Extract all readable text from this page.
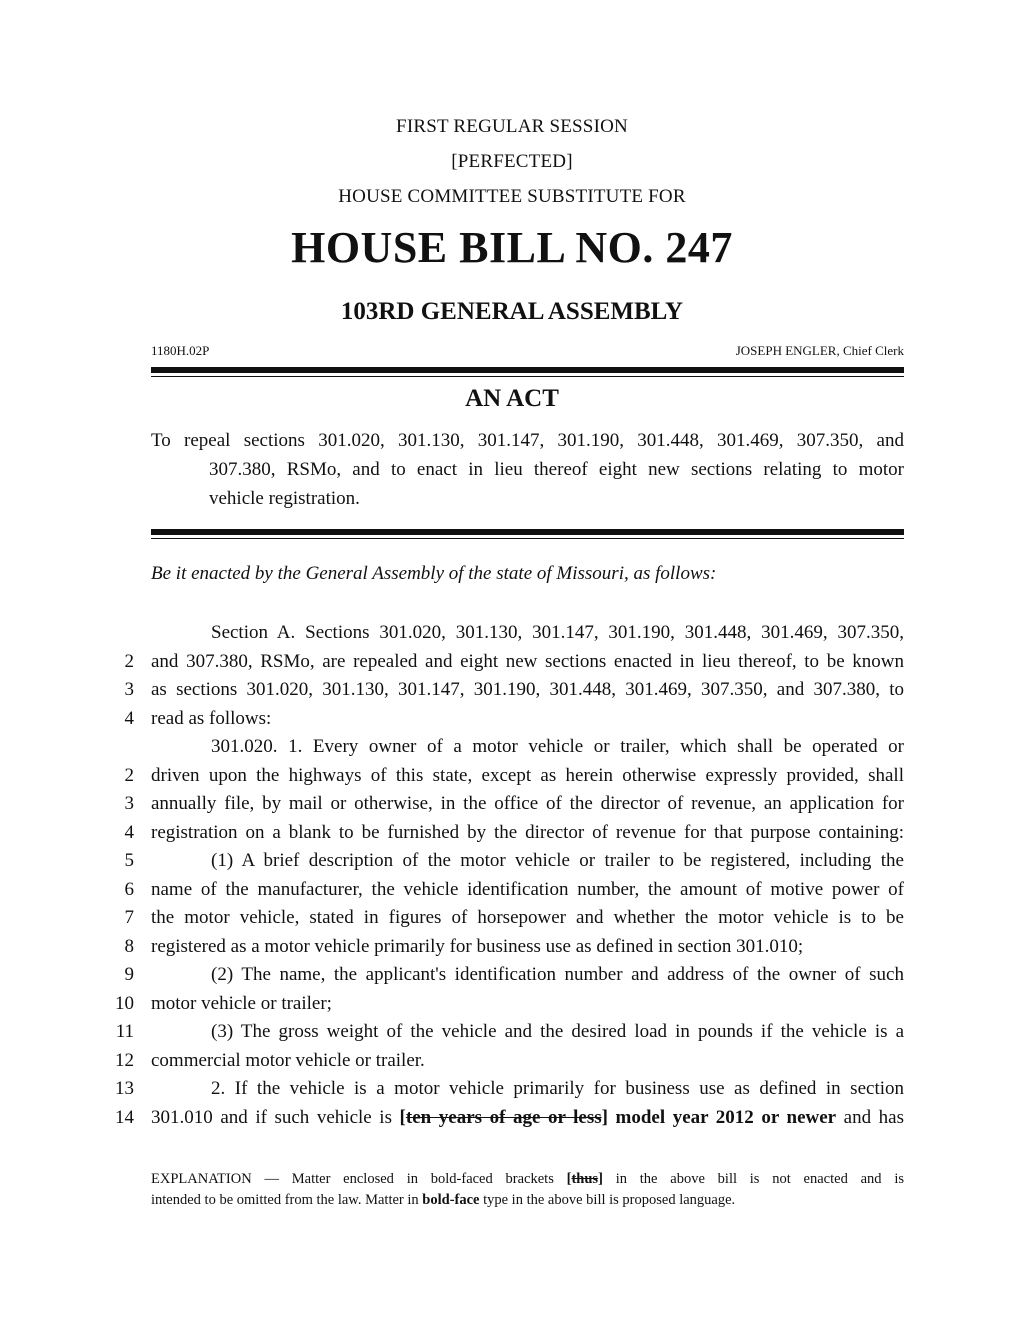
FIRST REGULAR SESSION
[PERFECTED]
HOUSE COMMITTEE SUBSTITUTE FOR
HOUSE BILL NO. 247
103RD GENERAL ASSEMBLY
1180H.02P	JOSEPH ENGLER, Chief Clerk
AN ACT
To repeal sections 301.020, 301.130, 301.147, 301.190, 301.448, 301.469, 307.350, and
307.380, RSMo, and to enact in lieu thereof eight new sections relating to motor
vehicle registration.
Be it enacted by the General Assembly of the state of Missouri, as follows:
Section A. Sections 301.020, 301.130, 301.147, 301.190, 301.448, 301.469, 307.350,
2 and 307.380, RSMo, are repealed and eight new sections enacted in lieu thereof, to be known
3 as sections 301.020, 301.130, 301.147, 301.190, 301.448, 301.469, 307.350, and 307.380, to
4 read as follows:
301.020. 1. Every owner of a motor vehicle or trailer, which shall be operated or
2 driven upon the highways of this state, except as herein otherwise expressly provided, shall
3 annually file, by mail or otherwise, in the office of the director of revenue, an application for
4 registration on a blank to be furnished by the director of revenue for that purpose containing:
5	(1) A brief description of the motor vehicle or trailer to be registered, including the
6 name of the manufacturer, the vehicle identification number, the amount of motive power of
7 the motor vehicle, stated in figures of horsepower and whether the motor vehicle is to be
8 registered as a motor vehicle primarily for business use as defined in section 301.010;
9	(2) The name, the applicant's identification number and address of the owner of such
10 motor vehicle or trailer;
11	(3) The gross weight of the vehicle and the desired load in pounds if the vehicle is a
12 commercial motor vehicle or trailer.
13	2. If the vehicle is a motor vehicle primarily for business use as defined in section
14 301.010 and if such vehicle is [ten years of age or less] model year 2012 or newer and has
EXPLANATION — Matter enclosed in bold-faced brackets [thus] in the above bill is not enacted and is
intended to be omitted from the law. Matter in bold-face type in the above bill is proposed language.
